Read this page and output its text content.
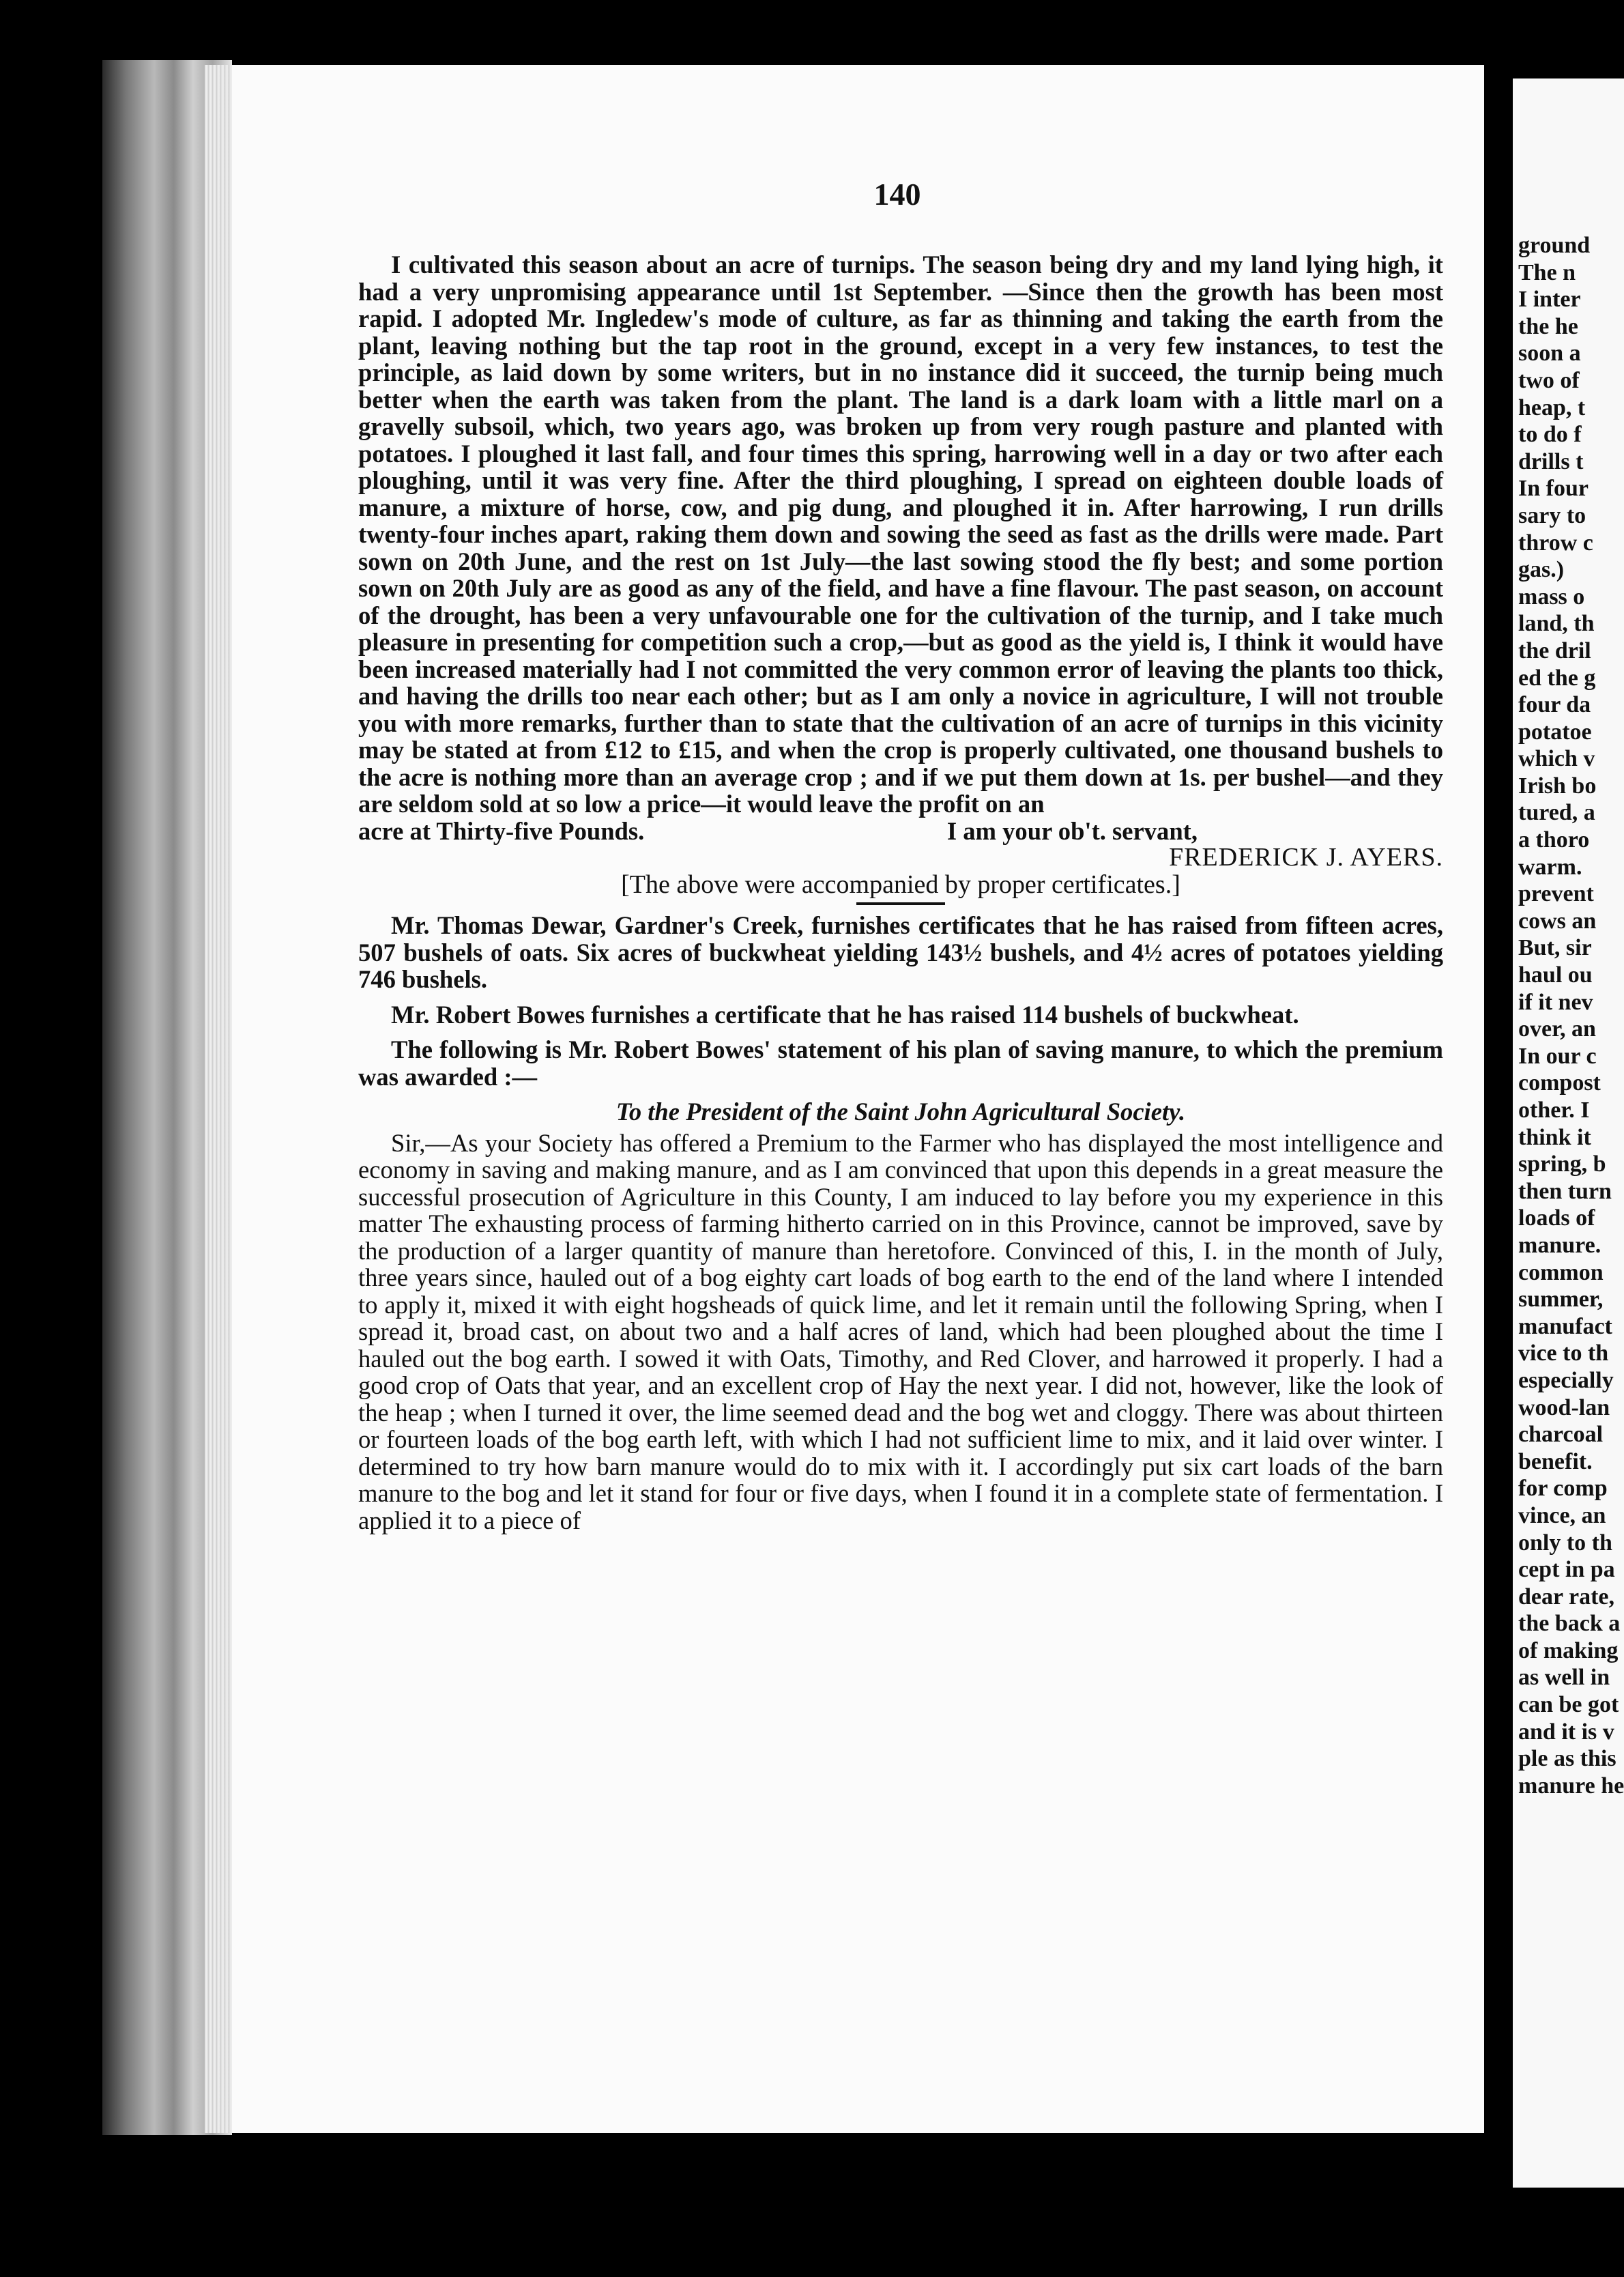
140

I cultivated this season about an acre of turnips. The season being dry and my land lying high, it had a very unpromising appearance until 1st September. —Since then the growth has been most rapid. I adopted Mr. Ingledew's mode of culture, as far as thinning and taking the earth from the plant, leaving nothing but the tap root in the ground, except in a very few instances, to test the principle, as laid down by some writers, but in no instance did it succeed, the turnip being much better when the earth was taken from the plant. The land is a dark loam with a little marl on a gravelly subsoil, which, two years ago, was broken up from very rough pasture and planted with potatoes. I ploughed it last fall, and four times this spring, harrowing well in a day or two after each ploughing, until it was very fine. After the third ploughing, I spread on eighteen double loads of manure, a mixture of horse, cow, and pig dung, and ploughed it in. After harrowing, I run drills twenty-four inches apart, raking them down and sowing the seed as fast as the drills were made. Part sown on 20th June, and the rest on 1st July—the last sowing stood the fly best; and some portion sown on 20th July are as good as any of the field, and have a fine flavour. The past season, on account of the drought, has been a very unfavourable one for the cultivation of the turnip, and I take much pleasure in presenting for competition such a crop,—but as good as the yield is, I think it would have been increased materially had I not committed the very common error of leaving the plants too thick, and having the drills too near each other; but as I am only a novice in agriculture, I will not trouble you with more remarks, further than to state that the cultivation of an acre of turnips in this vicinity may be stated at from £12 to £15, and when the crop is properly cultivated, one thousand bushels to the acre is nothing more than an average crop ; and if we put them down at 1s. per bushel—and they are seldom sold at so low a price—it would leave the profit on an

acre at Thirty-five Pounds.	I am your ob't. servant,

FREDERICK J. AYERS.

[The above were accompanied by proper certificates.]

Mr. Thomas Dewar, Gardner's Creek, furnishes certificates that he has raised from fifteen acres, 507 bushels of oats. Six acres of buckwheat yielding 143½ bushels, and 4½ acres of potatoes yielding 746 bushels.

Mr. Robert Bowes furnishes a certificate that he has raised 114 bushels of buckwheat.

The following is Mr. Robert Bowes' statement of his plan of saving manure, to which the premium was awarded :—

To the President of the Saint John Agricultural Society.

Sir,—As your Society has offered a Premium to the Farmer who has displayed the most intelligence and economy in saving and making manure, and as I am convinced that upon this depends in a great measure the successful prosecution of Agriculture in this County, I am induced to lay before you my experience in this matter The exhausting process of farming hitherto carried on in this Province, cannot be improved, save by the production of a larger quantity of manure than heretofore. Convinced of this, I. in the month of July, three years since, hauled out of a bog eighty cart loads of bog earth to the end of the land where I intended to apply it, mixed it with eight hogsheads of quick lime, and let it remain until the following Spring, when I spread it, broad cast, on about two and a half acres of land, which had been ploughed about the time I hauled out the bog earth. I sowed it with Oats, Timothy, and Red Clover, and harrowed it properly. I had a good crop of Oats that year, and an excellent crop of Hay the next year. I did not, however, like the look of the heap ; when I turned it over, the lime seemed dead and the bog wet and cloggy. There was about thirteen or fourteen loads of the bog earth left, with which I had not sufficient lime to mix, and it laid over winter. I determined to try how barn manure would do to mix with it. I accordingly put six cart loads of the barn manure to the bog and let it stand for four or five days, when I found it in a complete state of fermentation. I applied it to a piece of

ground
The n
I inter
the he
soon a
two of
heap, t
to do f
drills t
In four
sary to
throw c
gas.)
mass o
land, th
the dril
ed the g
four da
potatoe
which v
Irish bo
tured, a
a thoro
warm.
prevent
cows an
But, sir
haul ou
if it nev
over, an
In our c
compost
other. I
think it
spring, b
then turn
loads of
manure.
common
summer,
manufact
vice to th
especially
wood-lan
charcoal
benefit.
for comp
vince, an
only to th
cept in pa
dear rate,
the back a
of making
as well in
can be got
and it is v
ple as this
manure he
